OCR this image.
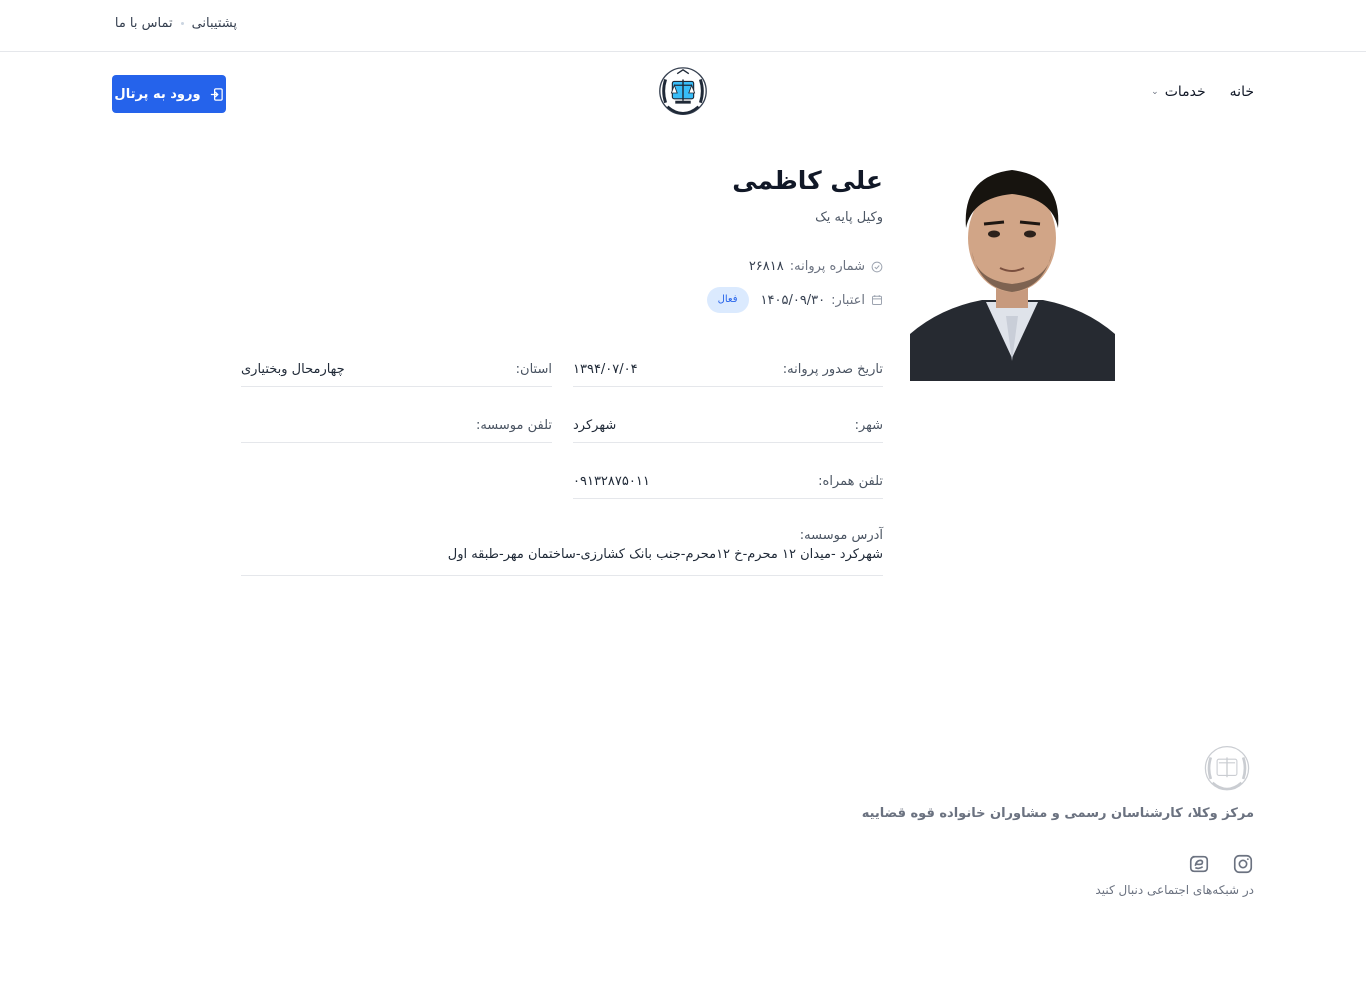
پشتیبانی
تماس با ما
خانه
خدمات
⌄
ورود به پرتال
علی کاظمی
وکیل پایه یک
شماره پروانه:
۲۶۸۱۸
اعتبار:
۱۴۰۵/۰۹/۳۰
فعال
تاریخ صدور پروانه:
۱۳۹۴/۰۷/۰۴
استان:
چهارمحال وبختیاری
شهر:
شهرکرد
تلفن موسسه:
تلفن همراه:
۰۹۱۳۲۸۷۵۰۱۱
آدرس موسسه:
شهرکرد -میدان ۱۲ محرم-خ ۱۲محرم-جنب بانک کشارزی-ساختمان مهر-طبقه اول
مرکز وکلا، کارشناسان رسمی و مشاوران خانواده قوه قضاییه
در شبکه‌های اجتماعی دنبال کنید
